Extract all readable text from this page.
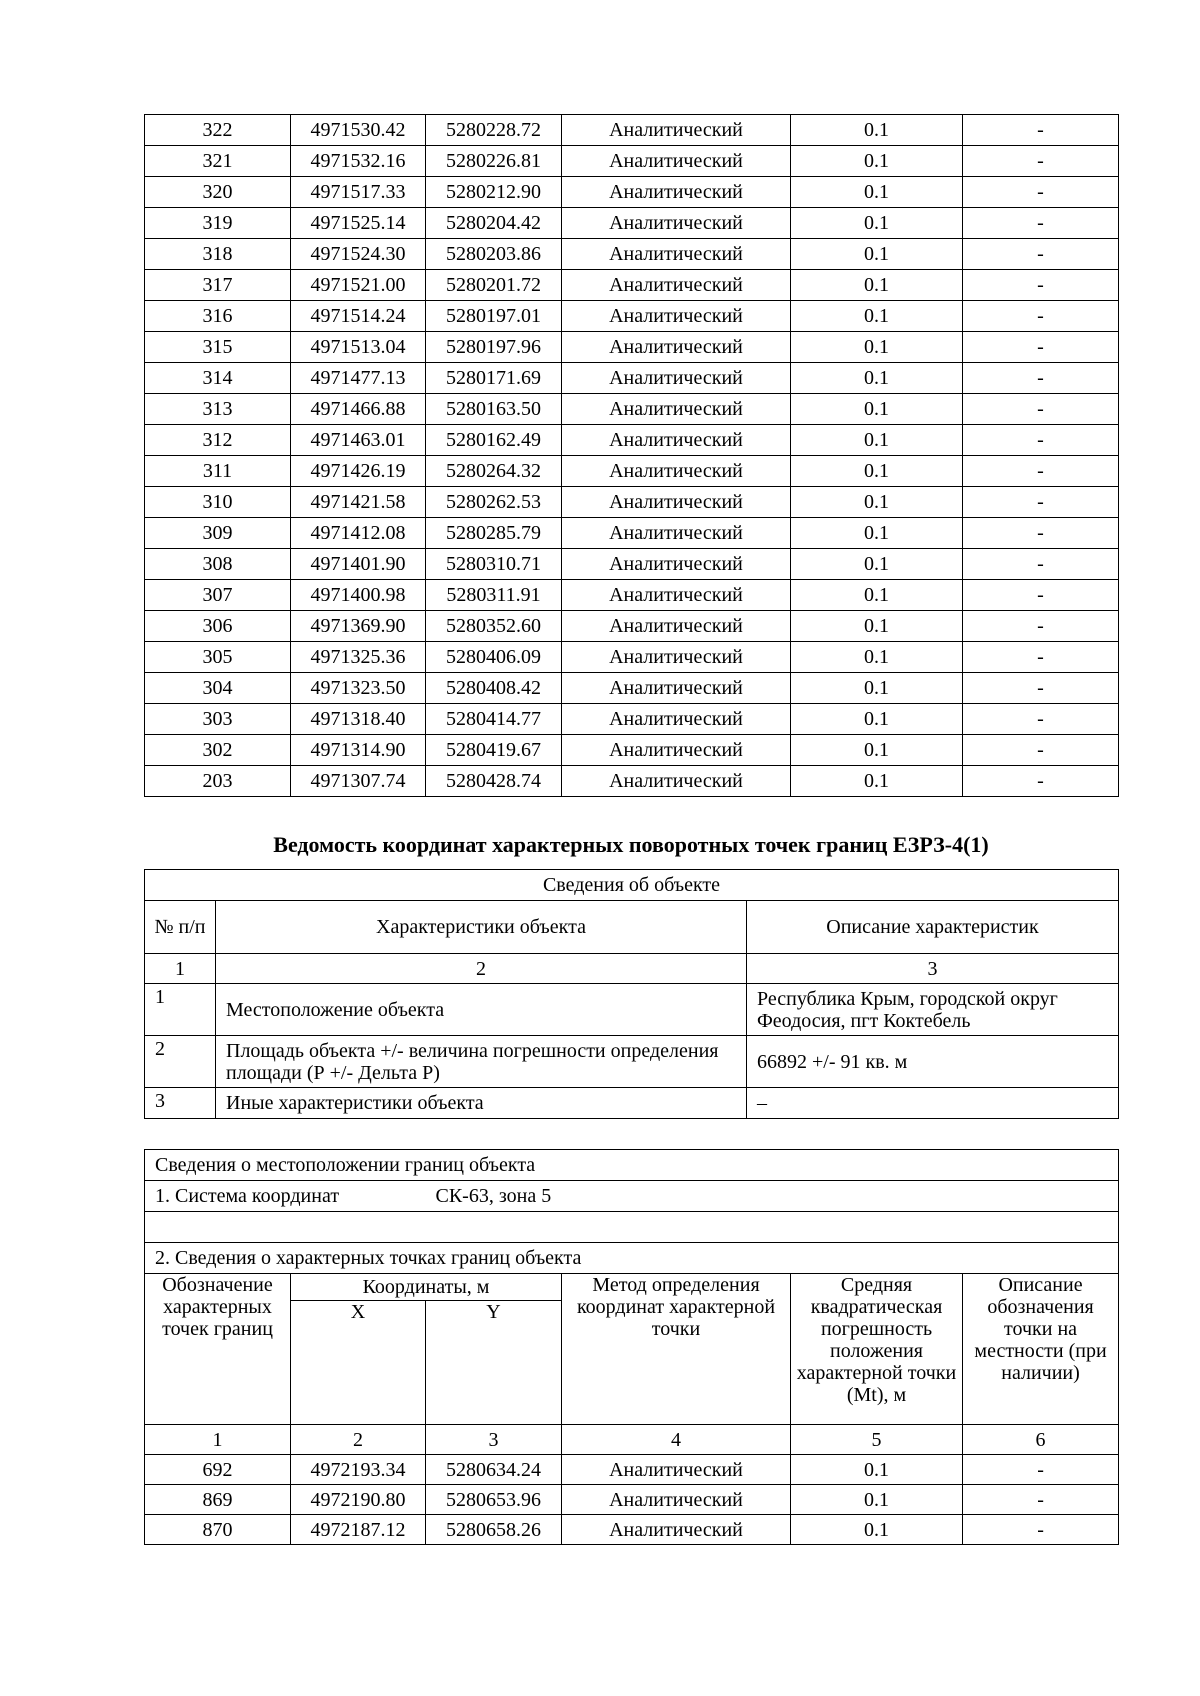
322	4971530.42	5280228.72	Аналитический	0.1	-
321	4971532.16	5280226.81	Аналитический	0.1	-
320	4971517.33	5280212.90	Аналитический	0.1	-
319	4971525.14	5280204.42	Аналитический	0.1	-
318	4971524.30	5280203.86	Аналитический	0.1	-
317	4971521.00	5280201.72	Аналитический	0.1	-
316	4971514.24	5280197.01	Аналитический	0.1	-
315	4971513.04	5280197.96	Аналитический	0.1	-
314	4971477.13	5280171.69	Аналитический	0.1	-
313	4971466.88	5280163.50	Аналитический	0.1	-
312	4971463.01	5280162.49	Аналитический	0.1	-
311	4971426.19	5280264.32	Аналитический	0.1	-
310	4971421.58	5280262.53	Аналитический	0.1	-
309	4971412.08	5280285.79	Аналитический	0.1	-
308	4971401.90	5280310.71	Аналитический	0.1	-
307	4971400.98	5280311.91	Аналитический	0.1	-
306	4971369.90	5280352.60	Аналитический	0.1	-
305	4971325.36	5280406.09	Аналитический	0.1	-
304	4971323.50	5280408.42	Аналитический	0.1	-
303	4971318.40	5280414.77	Аналитический	0.1	-
302	4971314.90	5280419.67	Аналитический	0.1	-
203	4971307.74	5280428.74	Аналитический	0.1	-

Ведомость координат характерных поворотных точек границ ЕЗРЗ-4(1)

Сведения об объекте		
№ п/п	Характеристики объекта	Описание характеристик
1	2	3
1	Местоположение объекта	Республика Крым, городской округ Феодосия, пгт Коктебель
2	Площадь объекта +/- величина погрешности определения площади (Р +/- Дельта Р)	66892 +/- 91 кв. м
3	Иные характеристики объекта	–
Сведения о местоположении границ объекта					
1. Система координат		СК-63, зона 5			

2. Сведения о характерных точках границ объекта					
Обозначение характерных точек границ	Координаты, м		Метод определения координат характерной точки	Средняя квадратическая погрешность положения характерной точки (Mt), м	Описание обозначения точки на местности (при наличии)
	X	Y			
1	2	3	4	5	6
692	4972193.34	5280634.24	Аналитический	0.1	-
869	4972190.80	5280653.96	Аналитический	0.1	-
870	4972187.12	5280658.26	Аналитический	0.1	-
